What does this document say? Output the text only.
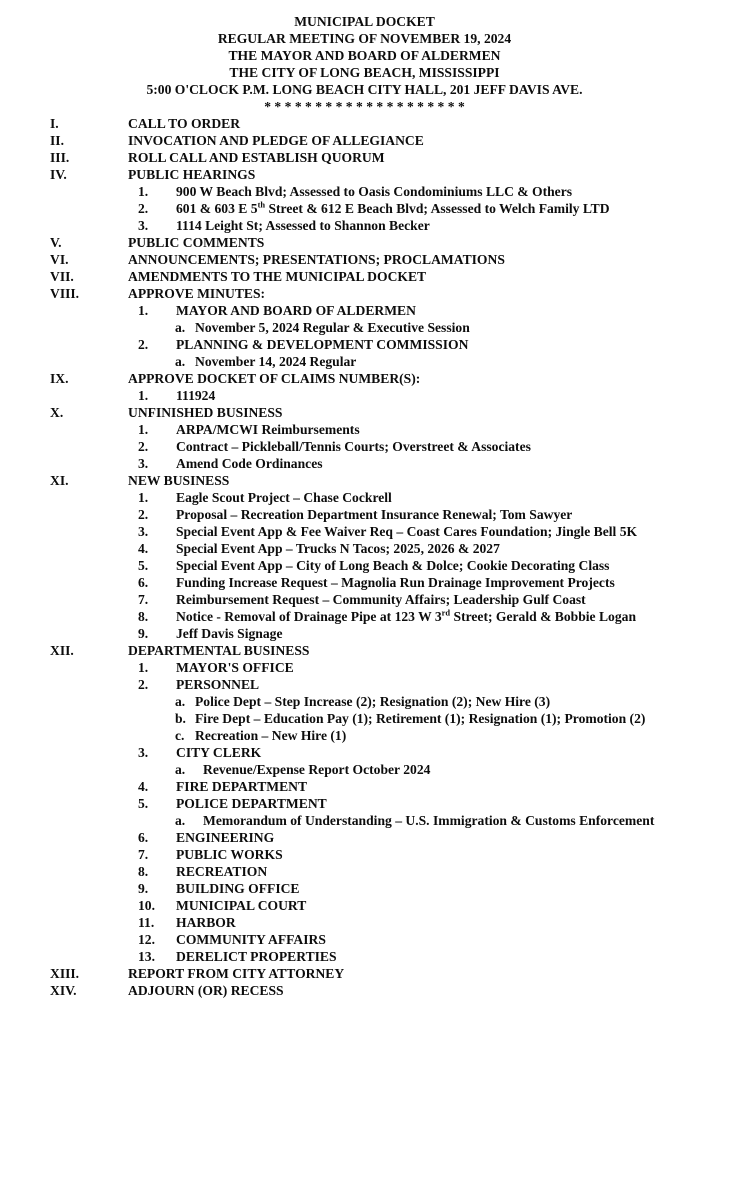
MUNICIPAL DOCKET
REGULAR MEETING OF NOVEMBER 19, 2024
THE MAYOR AND BOARD OF ALDERMEN
THE CITY OF LONG BEACH, MISSISSIPPI
5:00 O'CLOCK P.M. LONG BEACH CITY HALL, 201 JEFF DAVIS AVE.
* * * * * * * * * * * * * * * * * * * *
I.	CALL TO ORDER
II.	INVOCATION AND PLEDGE OF ALLEGIANCE
III.	ROLL CALL AND ESTABLISH QUORUM
IV.	PUBLIC HEARINGS
1. 900 W Beach Blvd; Assessed to Oasis Condominiums LLC & Others
2. 601 & 603 E 5th Street & 612 E Beach Blvd; Assessed to Welch Family LTD
3. 1114 Leight St; Assessed to Shannon Becker
V.	PUBLIC COMMENTS
VI.	ANNOUNCEMENTS; PRESENTATIONS; PROCLAMATIONS
VII.	AMENDMENTS TO THE MUNICIPAL DOCKET
VIII.	APPROVE MINUTES:
1. MAYOR AND BOARD OF ALDERMEN
a. November 5, 2024 Regular & Executive Session
2. PLANNING & DEVELOPMENT COMMISSION
a. November 14, 2024 Regular
IX.	APPROVE DOCKET OF CLAIMS NUMBER(S):
1. 111924
X.	UNFINISHED BUSINESS
1. ARPA/MCWI Reimbursements
2. Contract – Pickleball/Tennis Courts; Overstreet & Associates
3. Amend Code Ordinances
XI.	NEW BUSINESS
1. Eagle Scout Project – Chase Cockrell
2. Proposal – Recreation Department Insurance Renewal; Tom Sawyer
3. Special Event App & Fee Waiver Req – Coast Cares Foundation; Jingle Bell 5K
4. Special Event App – Trucks N Tacos; 2025, 2026 & 2027
5. Special Event App – City of Long Beach & Dolce; Cookie Decorating Class
6. Funding Increase Request – Magnolia Run Drainage Improvement Projects
7. Reimbursement Request – Community Affairs; Leadership Gulf Coast
8. Notice - Removal of Drainage Pipe at 123 W 3rd Street; Gerald & Bobbie Logan
9. Jeff Davis Signage
XII.	DEPARTMENTAL BUSINESS
1. MAYOR'S OFFICE
2. PERSONNEL
a. Police Dept – Step Increase (2); Resignation (2); New Hire (3)
b. Fire Dept – Education Pay (1); Retirement (1); Resignation (1); Promotion (2)
c. Recreation – New Hire (1)
3. CITY CLERK
a. Revenue/Expense Report October 2024
4. FIRE DEPARTMENT
5. POLICE DEPARTMENT
a. Memorandum of Understanding – U.S. Immigration & Customs Enforcement
6. ENGINEERING
7. PUBLIC WORKS
8. RECREATION
9. BUILDING OFFICE
10. MUNICIPAL COURT
11. HARBOR
12. COMMUNITY AFFAIRS
13. DERELICT PROPERTIES
XIII.	REPORT FROM CITY ATTORNEY
XIV.	ADJOURN (OR) RECESS
